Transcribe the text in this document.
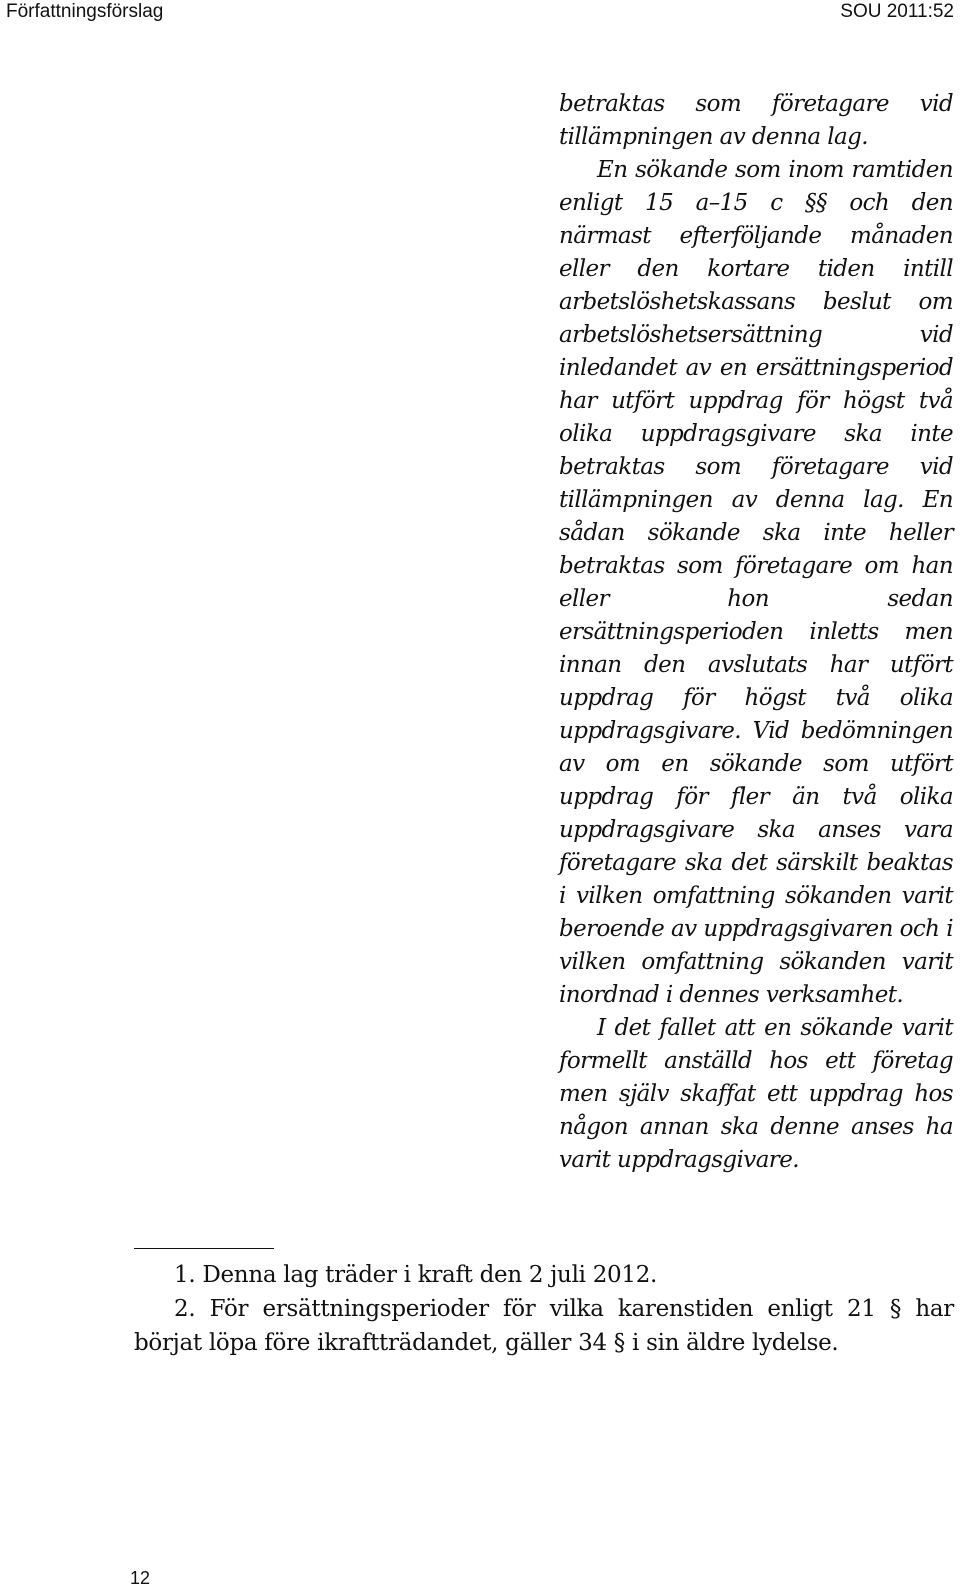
Författningsförslag	SOU 2011:52

betraktas som företagare vid tillämpningen av denna lag.

En sökande som inom ramtiden enligt 15 a–15 c §§ och den närmast efterföljande månaden eller den kortare tiden intill arbetslöshetskassans beslut om arbetslöshetsersättning vid inledandet av en ersättningsperiod har utfört uppdrag för högst två olika uppdragsgivare ska inte betraktas som företagare vid tillämpningen av denna lag. En sådan sökande ska inte heller betraktas som företagare om han eller hon sedan ersättningsperioden inletts men innan den avslutats har utfört uppdrag för högst två olika uppdragsgivare. Vid bedömningen av om en sökande som utfört uppdrag för fler än två olika uppdragsgivare ska anses vara företagare ska det särskilt beaktas i vilken omfattning sökanden varit beroende av uppdragsgivaren och i vilken omfattning sökanden varit inordnad i dennes verksamhet.

I det fallet att en sökande varit formellt anställd hos ett företag men själv skaffat ett uppdrag hos någon annan ska denne anses ha varit uppdragsgivare.

1. Denna lag träder i kraft den 2 juli 2012.

2. För ersättningsperioder för vilka karenstiden enligt 21 § har börjat löpa före ikraftträdandet, gäller 34 § i sin äldre lydelse.

12
